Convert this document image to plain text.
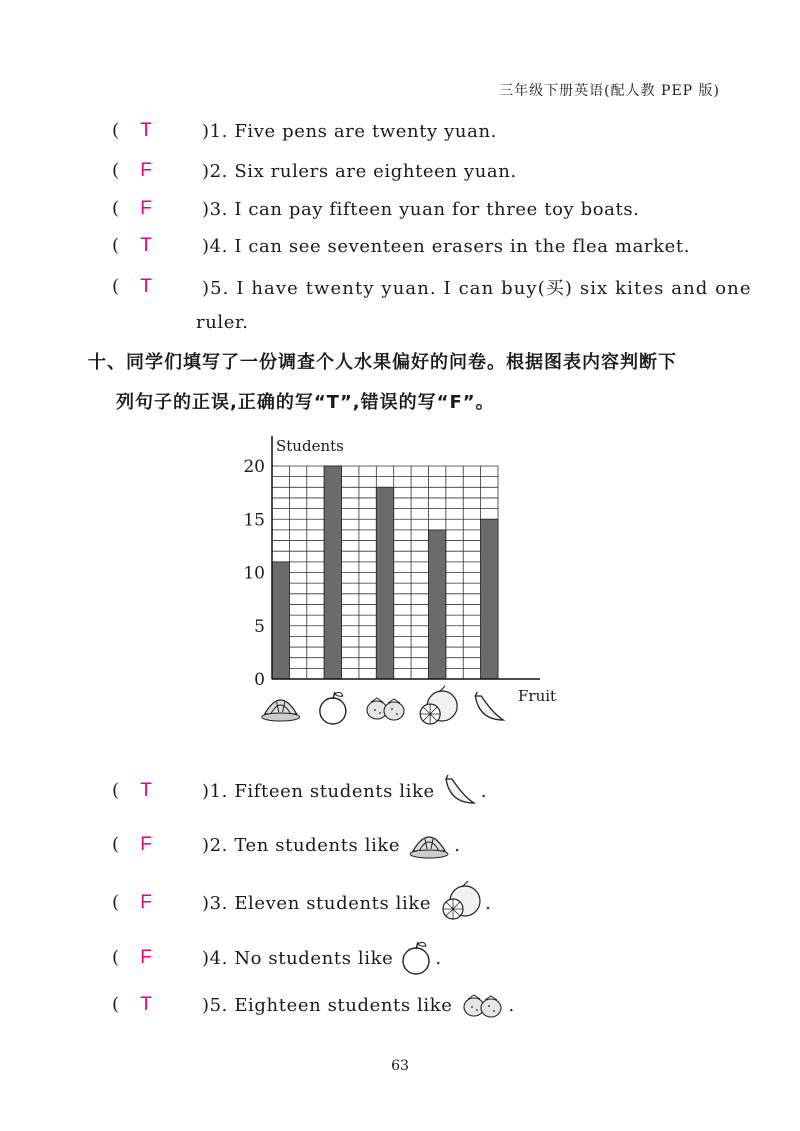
三年级下册英语(配人教 PEP 版)
( T	)1. Five pens are twenty yuan.
( F	)2. Six rulers are eighteen yuan.
( F	)3. I can pay fifteen yuan for three toy boats.
( T	)4. I can see seventeen erasers in the flea market.
( T	)5. I have twenty yuan. I can buy(买) six kites and one
ruler.
十、同学们填写了一份调查个人水果偏好的问卷。根据图表内容判断下
列句子的正误,正确的写“T”,错误的写“F”。
0
5
10
15
20
Students
Fruit
( T	)1. Fifteen students like	.
( F	)2. Ten students like	.
( F	)3. Eleven students like	.
( F	)4. No students like .
( T	)5. Eighteen students like	.
63
